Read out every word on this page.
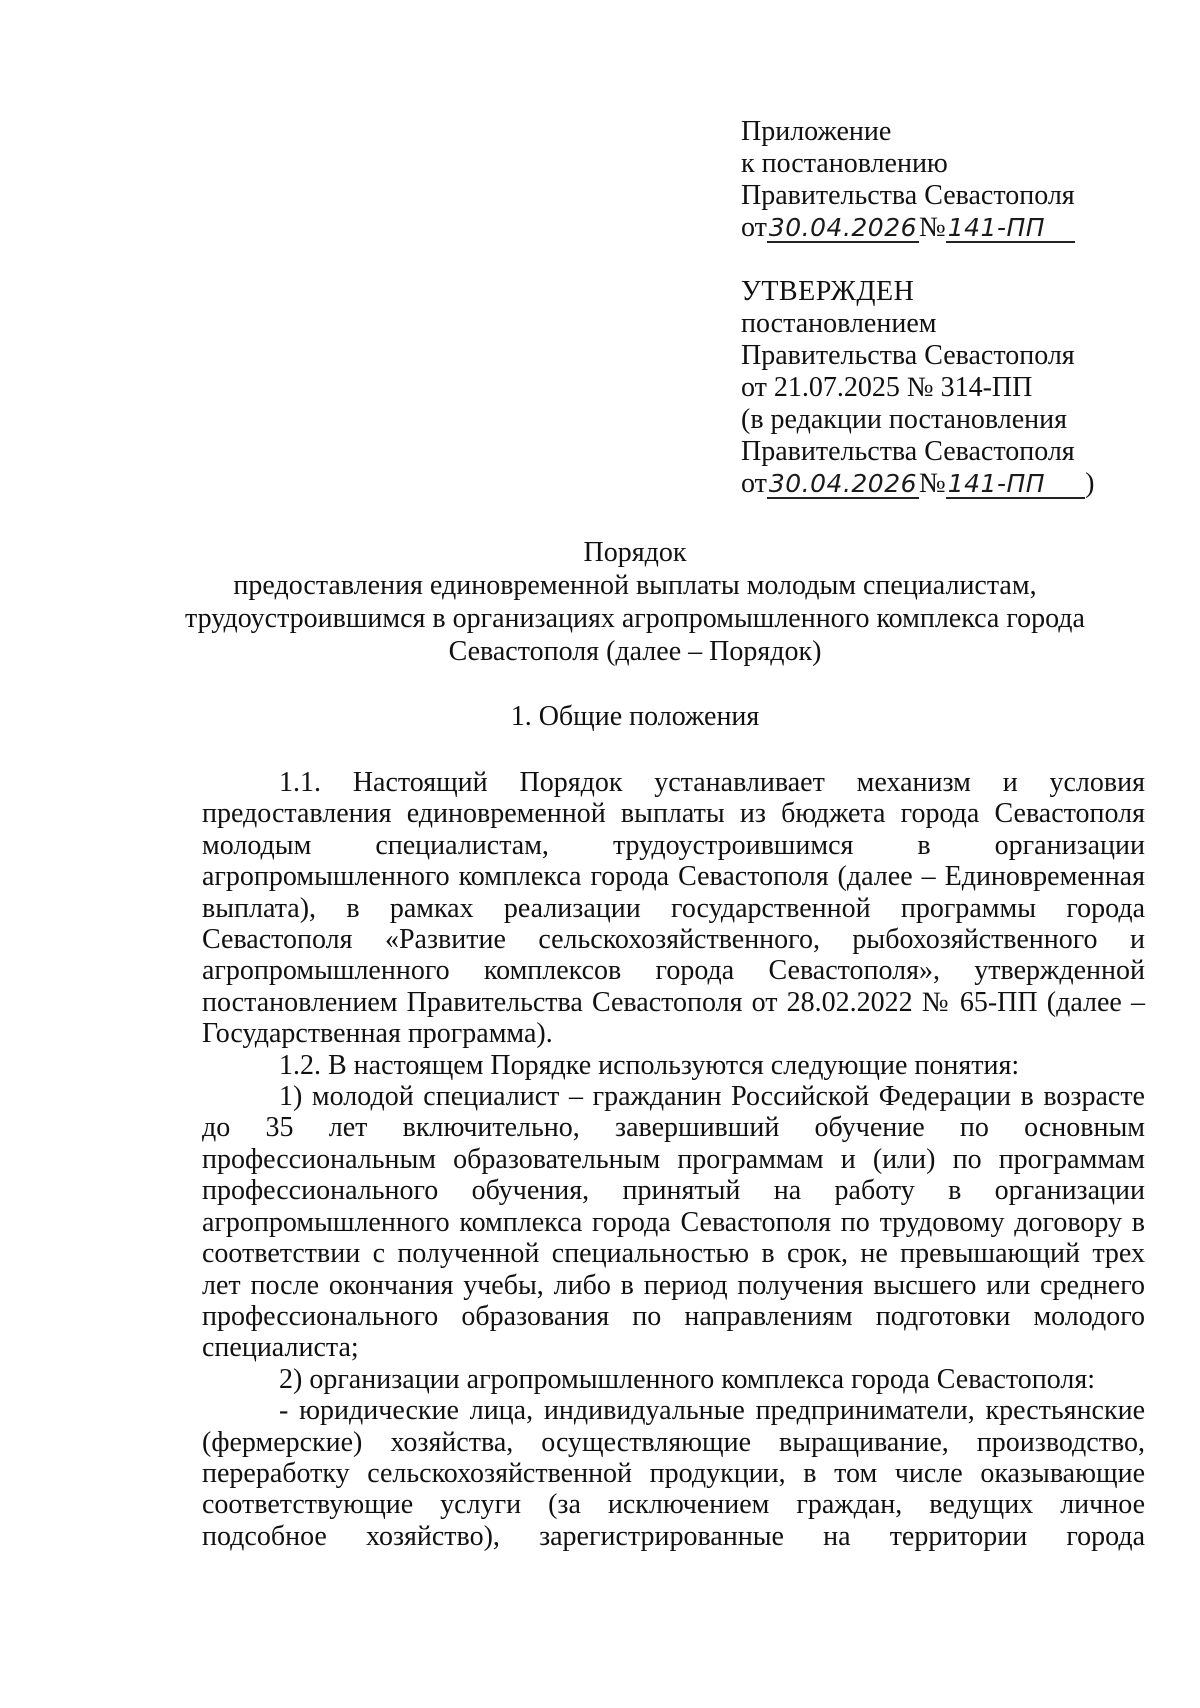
Приложение
к постановлению
Правительства Севастополя
от30.04.2026№141-ПП
УТВЕРЖДЕН
постановлением
Правительства Севастополя
от 21.07.2025 № 314-ПП
(в редакции постановления
Правительства Севастополя
от30.04.2026№141-ПП )
Порядок
предоставления единовременной выплаты молодым специалистам,
трудоустроившимся в организациях агропромышленного комплекса города
Севастополя (далее – Порядок)
1. Общие положения

1.1. Настоящий Порядок устанавливает механизм и условия предоставления единовременной выплаты из бюджета города Севастополя молодым специалистам, трудоустроившимся в организации агропромышленного комплекса города Севастополя (далее – Единовременная выплата), в рамках реализации государственной программы города Севастополя «Развитие сельскохозяйственного, рыбохозяйственного и агропромышленного комплексов города Севастополя», утвержденной постановлением Правительства Севастополя от 28.02.2022 № 65-ПП (далее – Государственная программа).

1.2. В настоящем Порядке используются следующие понятия:

1) молодой специалист – гражданин Российской Федерации в возрасте до 35 лет включительно, завершивший обучение по основным профессиональным образовательным программам и (или) по программам профессионального обучения, принятый на работу в организации агропромышленного комплекса города Севастополя по трудовому договору в соответствии с полученной специальностью в срок, не превышающий трех лет после окончания учебы, либо в период получения высшего или среднего профессионального образования по направлениям подготовки молодого специалиста;

2) организации агропромышленного комплекса города Севастополя:

- юридические лица, индивидуальные предприниматели, крестьянские (фермерские) хозяйства, осуществляющие выращивание, производство, переработку сельскохозяйственной продукции, в том числе оказывающие соответствующие услуги (за исключением граждан, ведущих личное подсобное хозяйство), зарегистрированные на территории города
